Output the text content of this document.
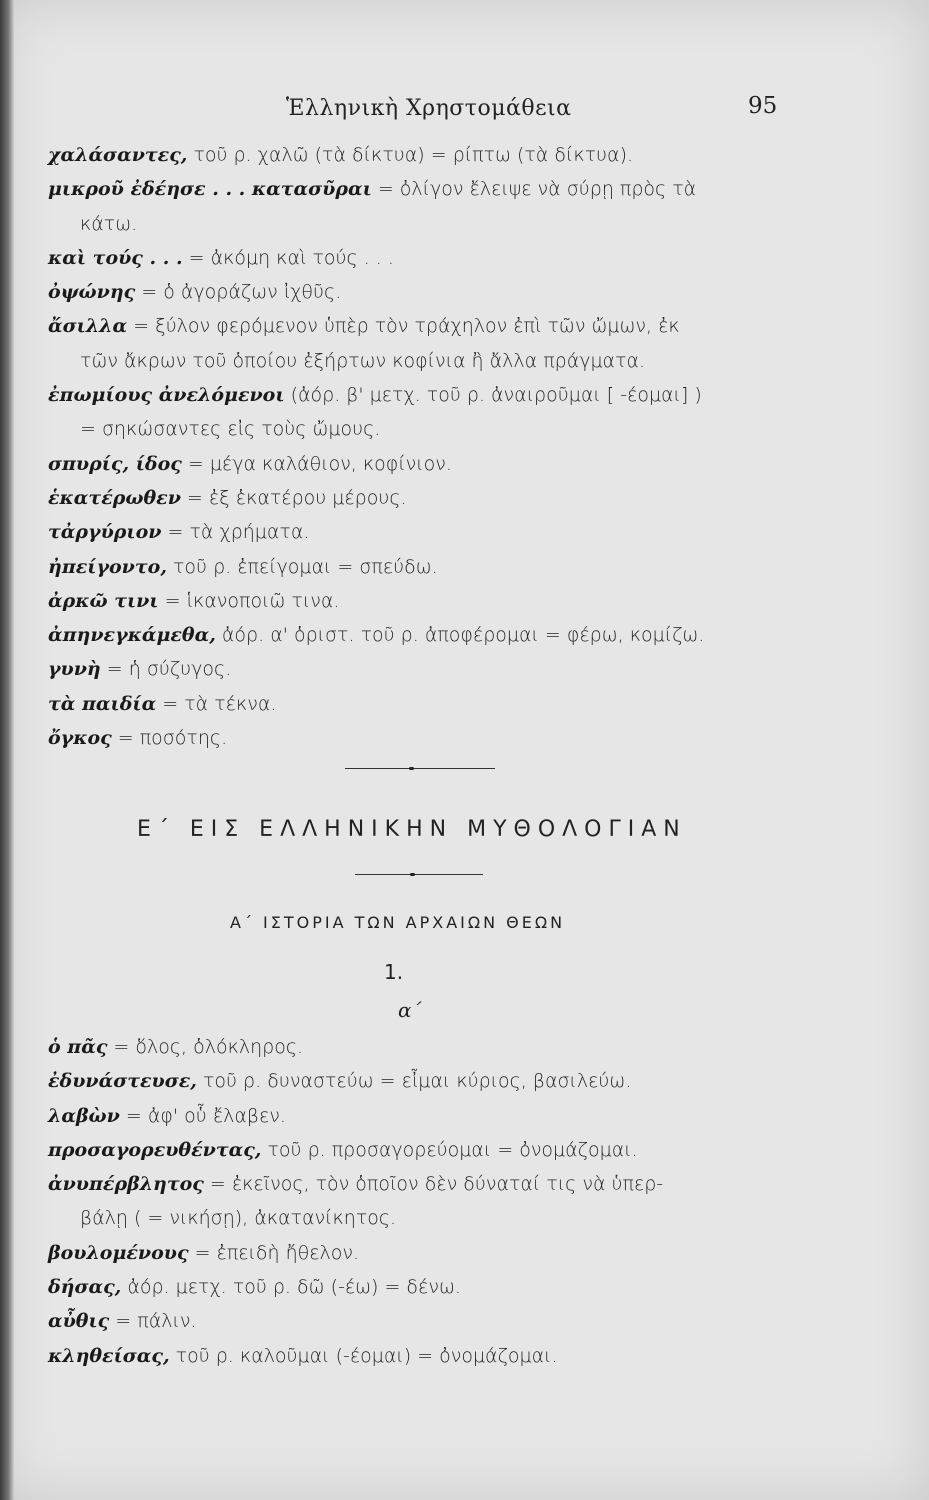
Ἑλληνικὴ Χρηστομάθεια	95
χαλάσαντες, τοῦ ρ. χαλῶ (τὰ δίκτυα) = ρίπτω (τὰ δίκτυα).
μικροῦ ἐδέησε . . . κατασῦραι = ὀλίγον ἔλειψε νὰ σύρῃ πρὸς τὰ
κάτω.
καὶ τούς . . . = ἀκόμη καὶ τούς . . .
ὀψώνης = ὁ ἀγοράζων ἰχθῦς.
ἄσιλλα = ξύλον φερόμενον ὑπὲρ τὸν τράχηλον ἐπὶ τῶν ὤμων, ἐκ
τῶν ἄκρων τοῦ ὁποίου ἐξήρτων κοφίνια ἢ ἄλλα πράγματα.
ἐπωμίους ἀνελόμενοι (ἀόρ. β' μετχ. τοῦ ρ. ἀναιροῦμαι [ -έομαι] )
= σηκώσαντες εἰς τοὺς ὤμους.
σπυρίς, ίδος = μέγα καλάθιον, κοφίνιον.
ἑκατέρωθεν = ἐξ ἑκατέρου μέρους.
τἀργύριον = τὰ χρήματα.
ἠπείγοντο, τοῦ ρ. ἐπείγομαι = σπεύδω.
ἀρκῶ τινι = ἱκανοποιῶ τινα.
ἀπηνεγκάμεθα, ἀόρ. α' ὁριστ. τοῦ ρ. ἀποφέρομαι = φέρω, κομίζω.
γυνὴ = ἡ σύζυγος.
τὰ παιδία = τὰ τέκνα.
ὄγκος = ποσότης.
Ε΄ ΕΙΣ ΕΛΛΗΝΙΚΗΝ ΜΥΘΟΛΟΓΙΑΝ
Α΄ ΙΣΤΟΡΙΑ ΤΩΝ ΑΡΧΑΙΩΝ ΘΕΩΝ
1.
α΄
ὁ πᾶς = ὅλος, ὁλόκληρος.
ἐδυνάστευσε, τοῦ ρ. δυναστεύω = εἶμαι κύριος, βασιλεύω.
λαβὼν = ἀφ' οὗ ἔλαβεν.
προσαγορευθέντας, τοῦ ρ. προσαγορεύομαι = ὀνομάζομαι.
ἀνυπέρβλητος = ἐκεῖνος, τὸν ὁποῖον δὲν δύναταί τις νὰ ὑπερ-
βάλῃ ( = νικήσῃ), ἀκατανίκητος.
βουλομένους = ἐπειδὴ ἤθελον.
δήσας, ἀόρ. μετχ. τοῦ ρ. δῶ (-έω) = δένω.
αὖθις = πάλιν.
κληθείσας, τοῦ ρ. καλοῦμαι (-έομαι) = ὀνομάζομαι.
